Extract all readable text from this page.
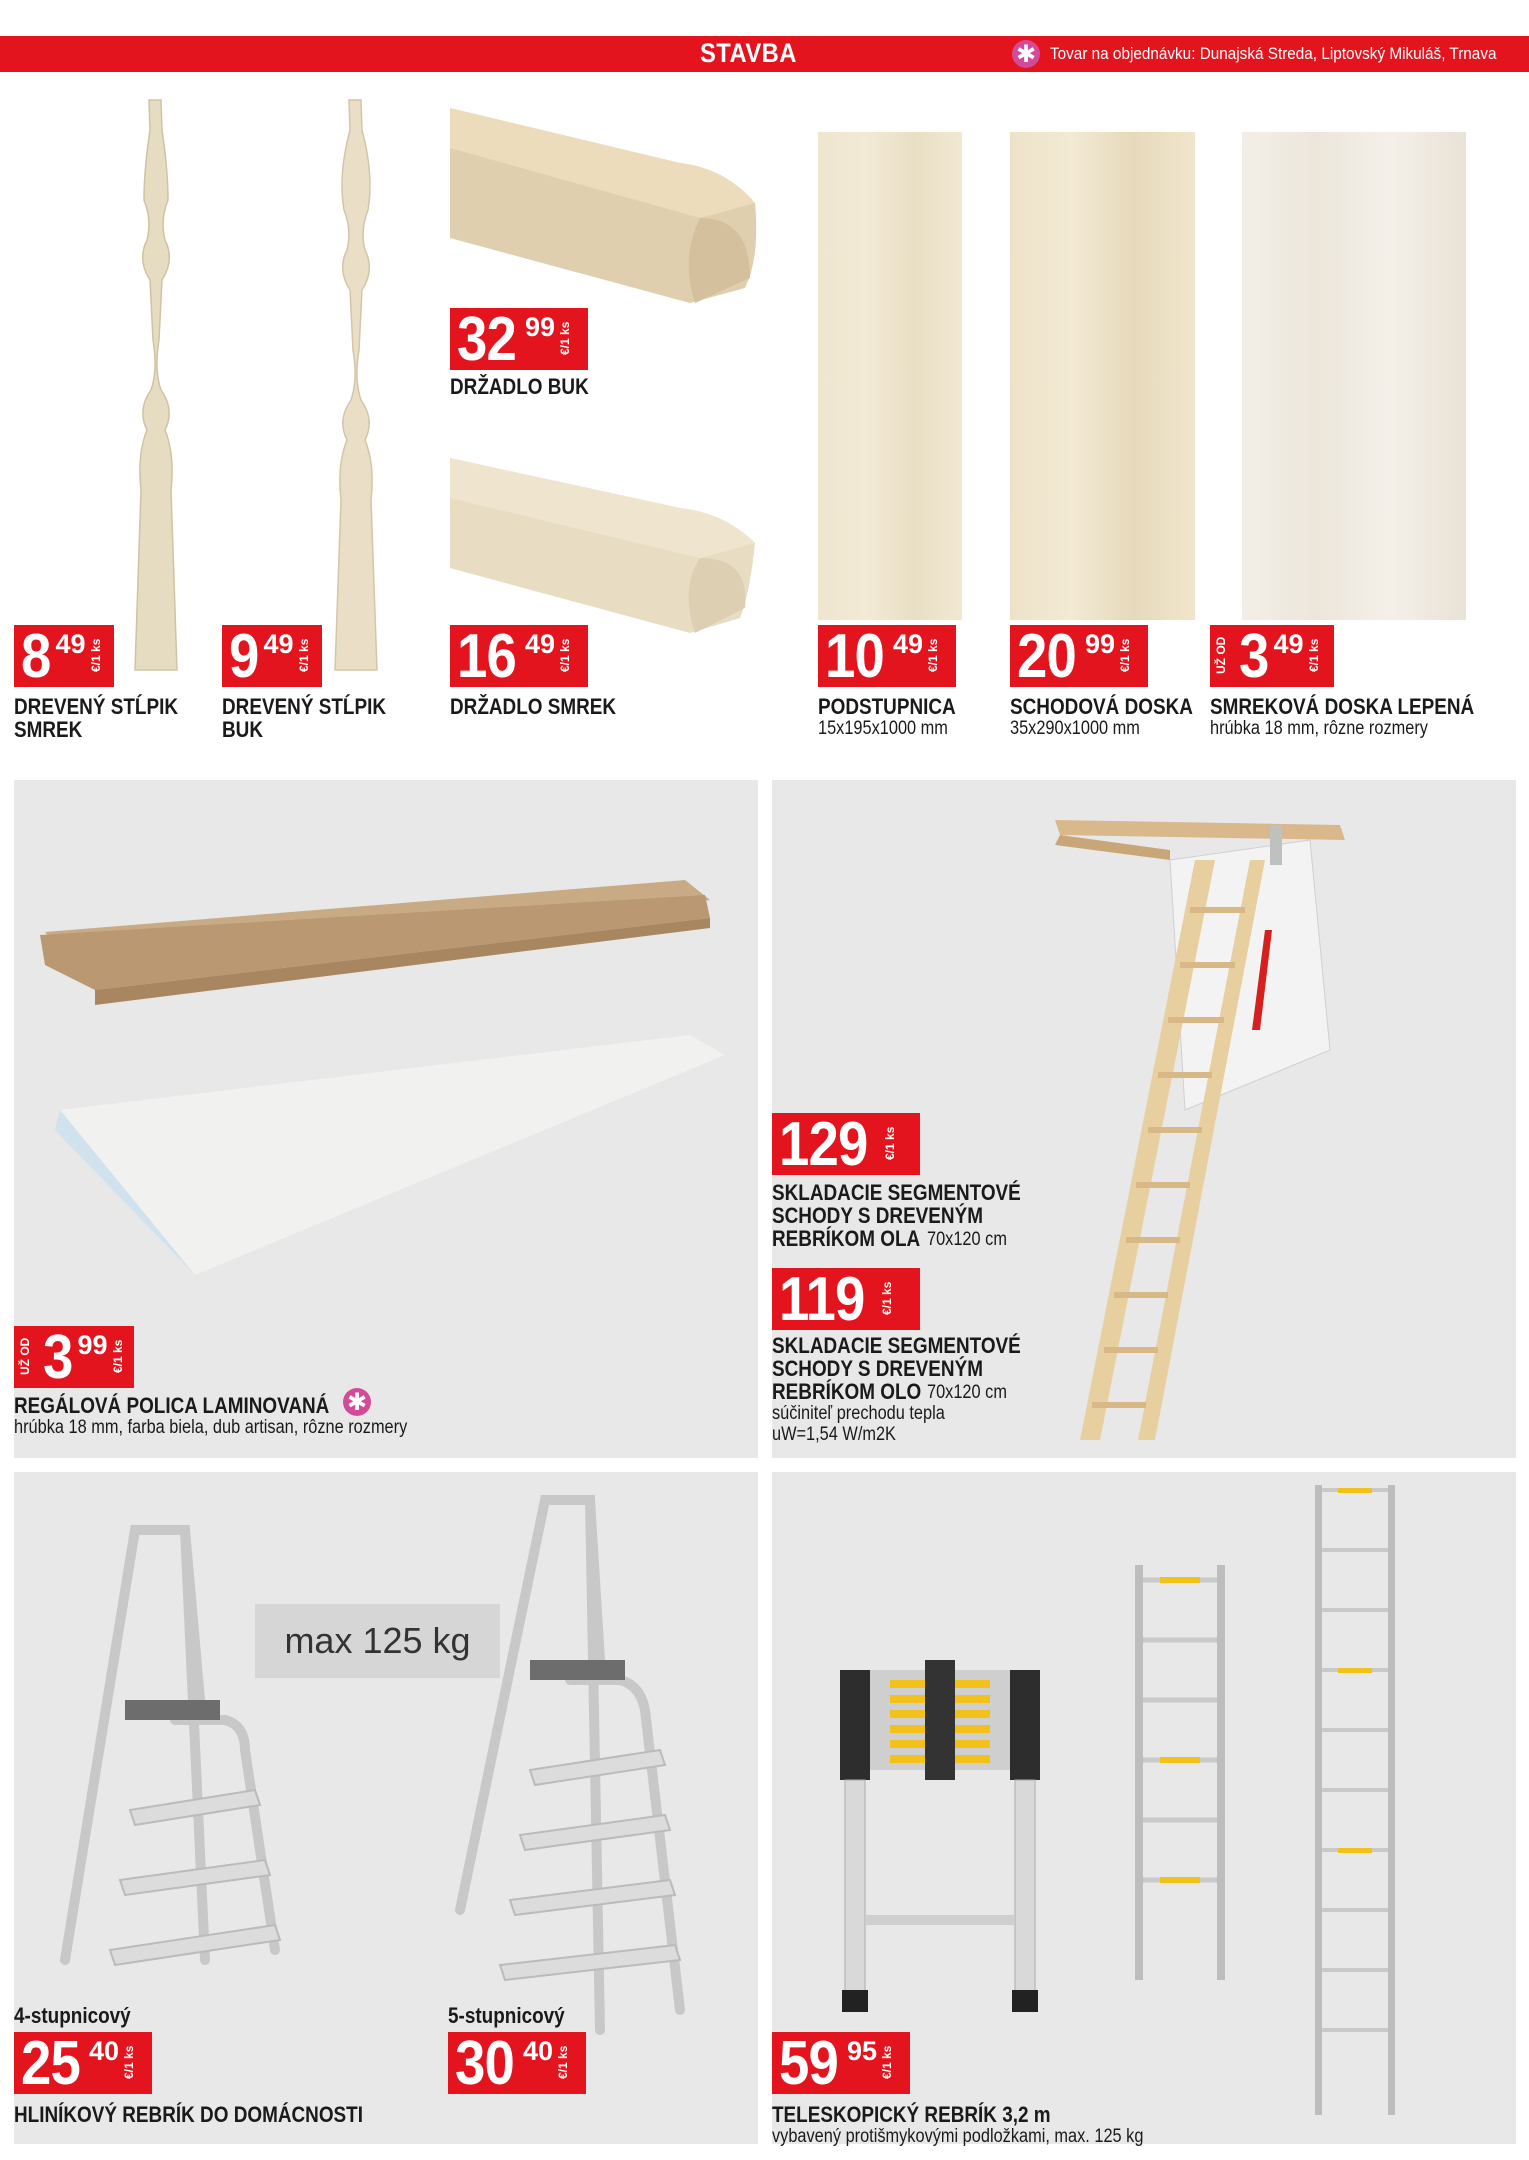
STAVBA	✱ Tovar na objednávku: Dunajská Streda, Liptovský Mikuláš, Trnava
8 49 €/1 ks
DREVENÝ STĹPIK
SMREK
9 49 €/1 ks
DREVENÝ STĹPIK
BUK
32 99 €/1 ks
DRŽADLO BUK
16 49 €/1 ks
DRŽADLO SMREK
10 49 €/1 ks
PODSTUPNICA
15x195x1000 mm
20 99 €/1 ks
SCHODOVÁ DOSKA
35x290x1000 mm
UŽ OD 3 49 €/1 ks
SMREKOVÁ DOSKA LEPENÁ
hrúbka 18 mm, rôzne rozmery
UŽ OD 3 99 €/1 ks
REGÁLOVÁ POLICA LAMINOVANÁ ✱
hrúbka 18 mm, farba biela, dub artisan, rôzne rozmery
129 €/1 ks
SKLADACIE SEGMENTOVÉ
SCHODY S DREVENÝM
REBRÍKOM OLA 70x120 cm
119 €/1 ks
SKLADACIE SEGMENTOVÉ
SCHODY S DREVENÝM
REBRÍKOM OLO 70x120 cm
súčiniteľ prechodu tepla
uW=1,54 W/m2K
max 125 kg
4-stupnicový
25 40 €/1 ks
5-stupnicový
30 40 €/1 ks
HLINÍKOVÝ REBRÍK DO DOMÁCNOSTI
59 95 €/1 ks
TELESKOPICKÝ REBRÍK 3,2 m
vybavený protišmykovými podložkami, max. 125 kg
